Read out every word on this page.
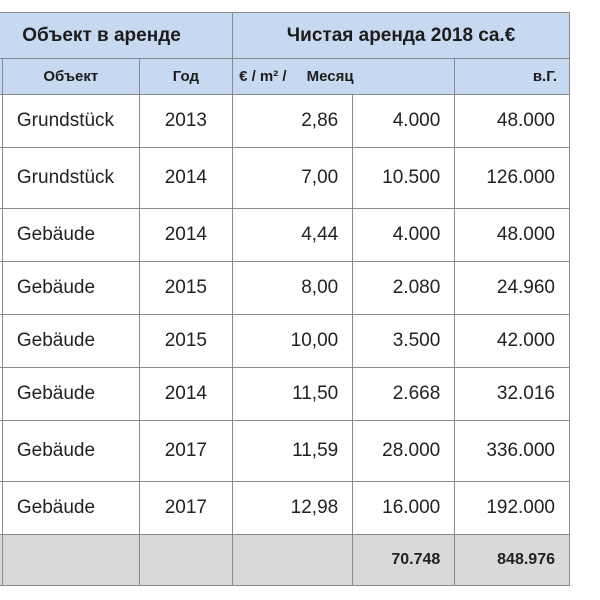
Объект в аренде			Чистая аренда 2018 ca.€		
	Объект	Год	€ / m² / Месяц		в.Г.
	Grundstück	2013	2,86	4.000	48.000
	Grundstück	2014	7,00	10.500	126.000
	Gebäude	2014	4,44	4.000	48.000
	Gebäude	2015	8,00	2.080	24.960
	Gebäude	2015	10,00	3.500	42.000
	Gebäude	2014	11,50	2.668	32.016
	Gebäude	2017	11,59	28.000	336.000
	Gebäude	2017	12,98	16.000	192.000
				70.748	848.976
